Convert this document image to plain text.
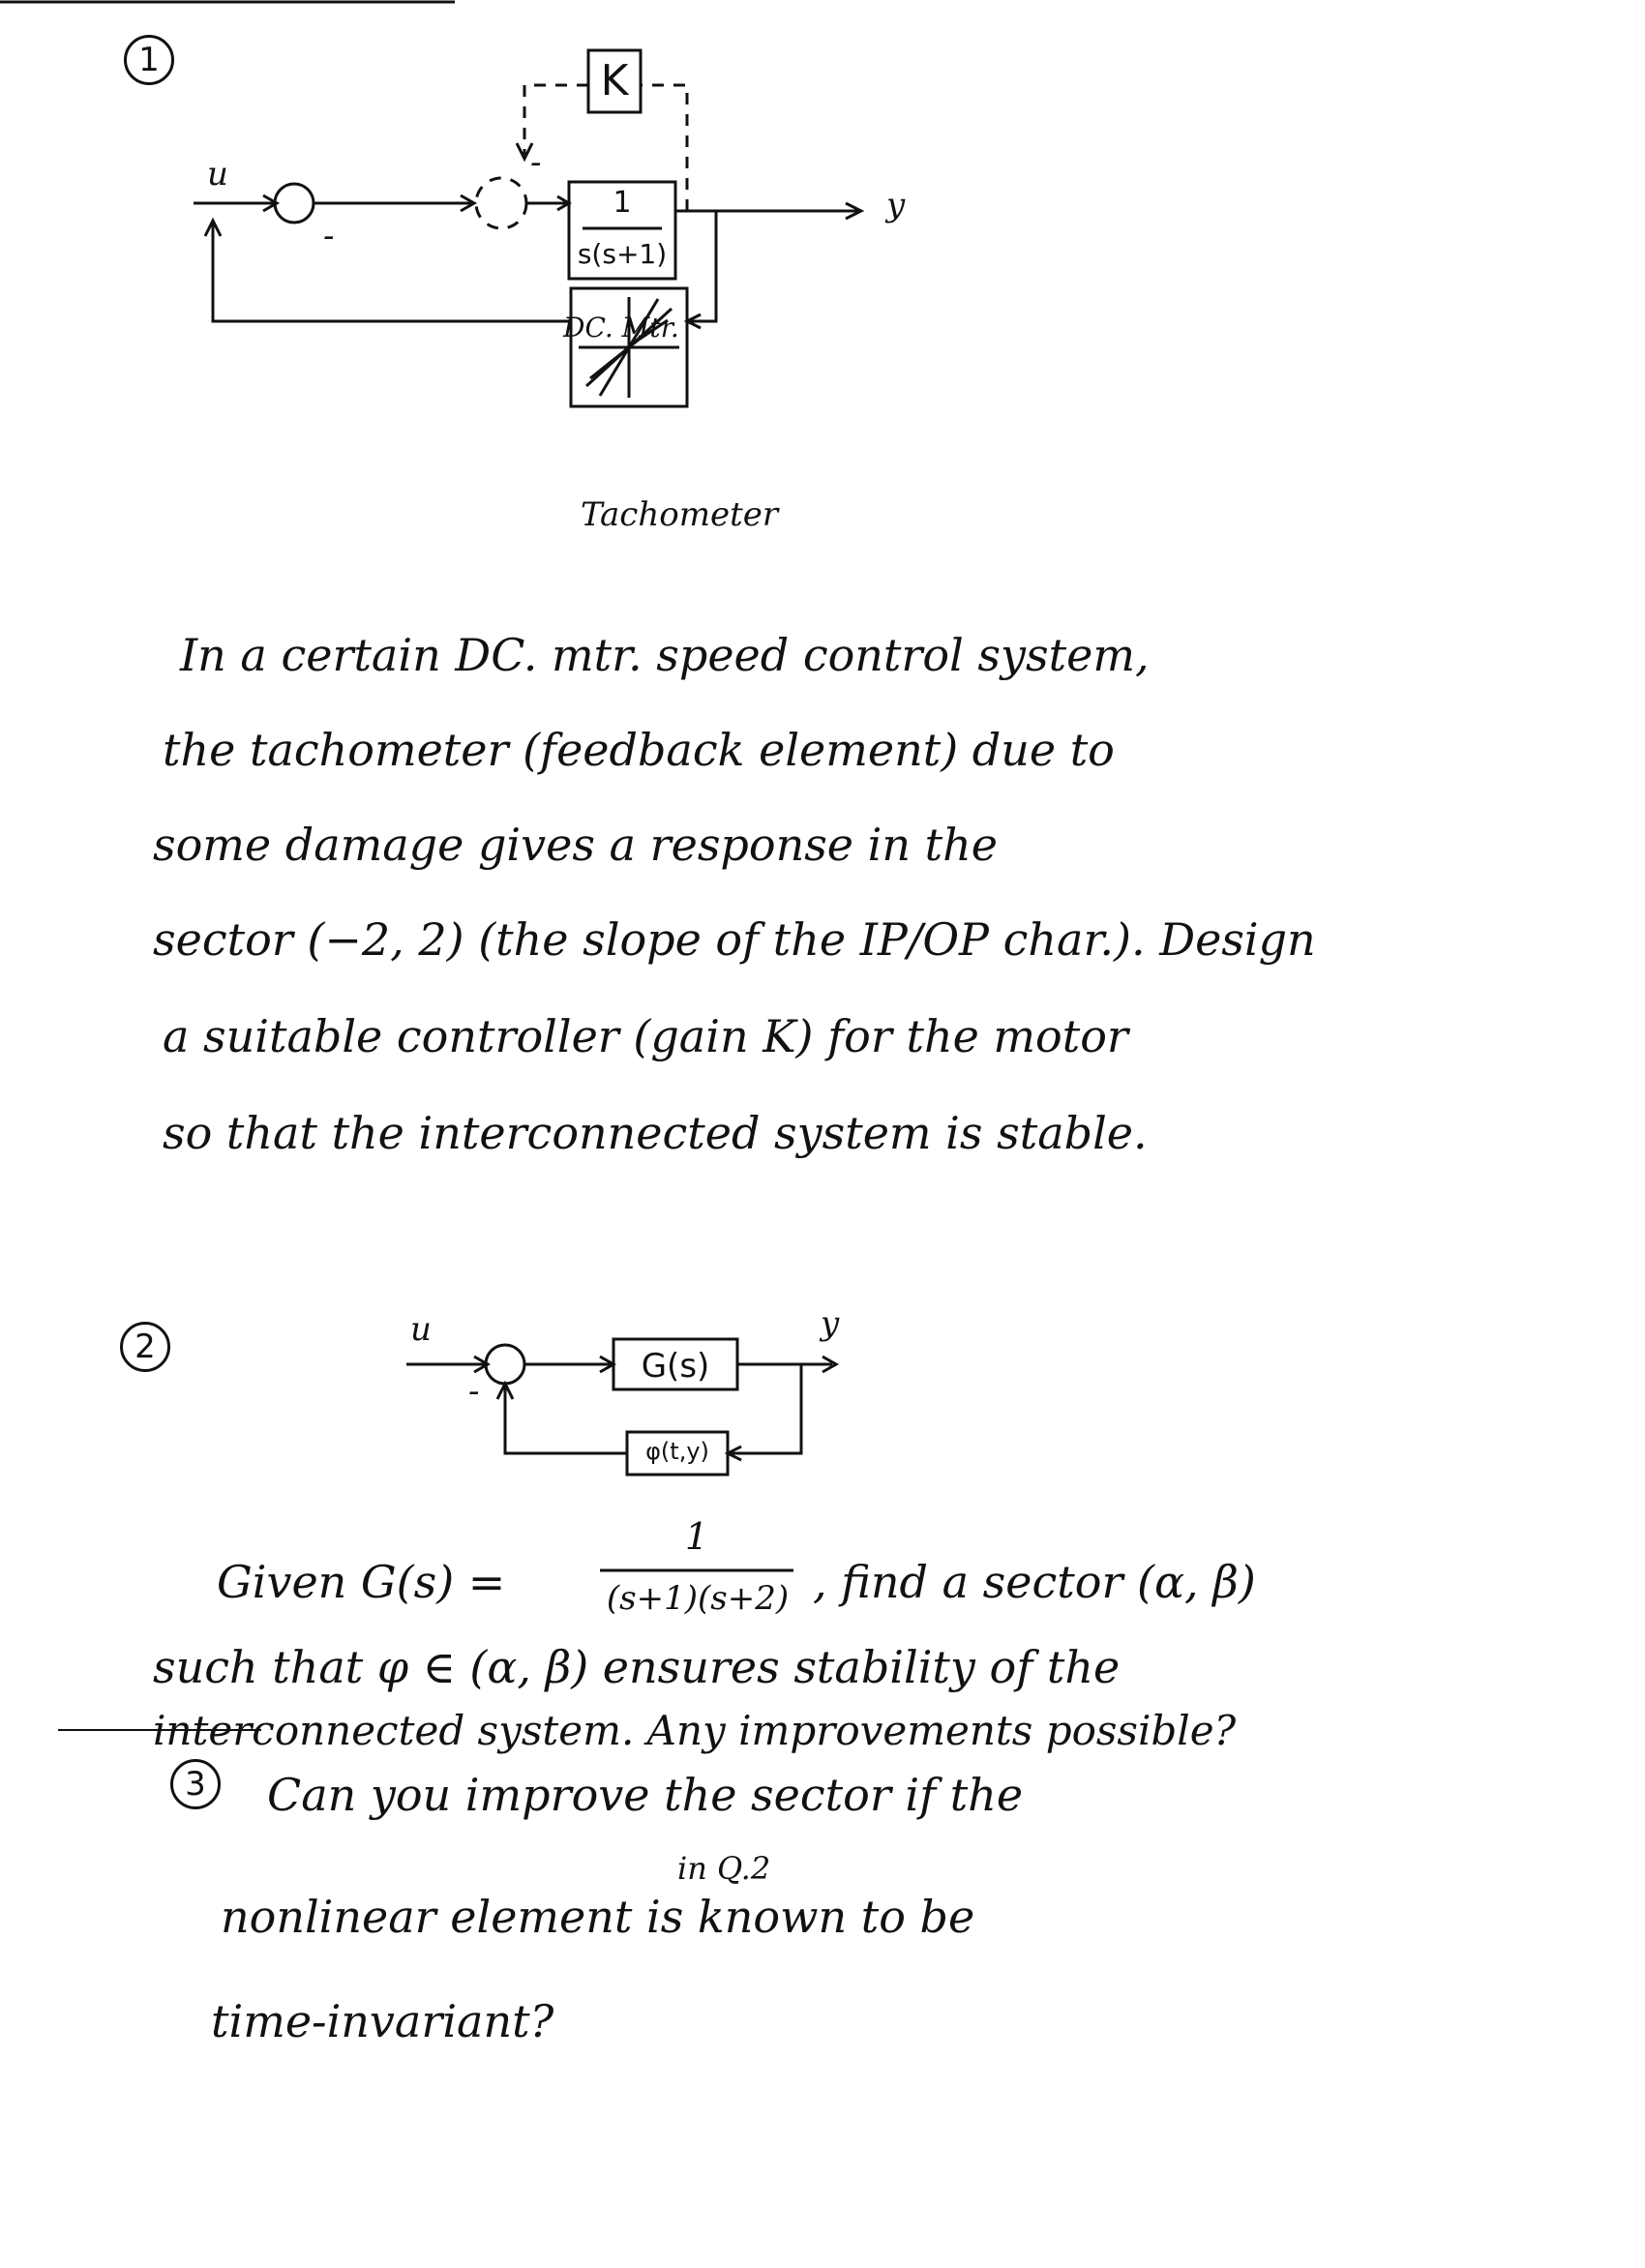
1
u
-
-
y
K
1
s(s+1)
DC. Mtr.
Tachometer
In a certain DC. mtr. speed control system,
the tachometer (feedback element) due to
some damage gives a response in the
sector (−2, 2) (the slope of the IP/OP char.). Design
a suitable controller (gain K) for the motor
so that the interconnected system is stable.
2	u	y
-
G(s)
φ(t,y)
Given G(s) =
1
(s+1)(s+2) , find a sector (α, β)
such that φ ∈ (α, β) ensures stability of the
interconnected system. Any improvements possible?
3	Can you improve the sector if the
in Q.2
nonlinear element is known to be
time-invariant?
